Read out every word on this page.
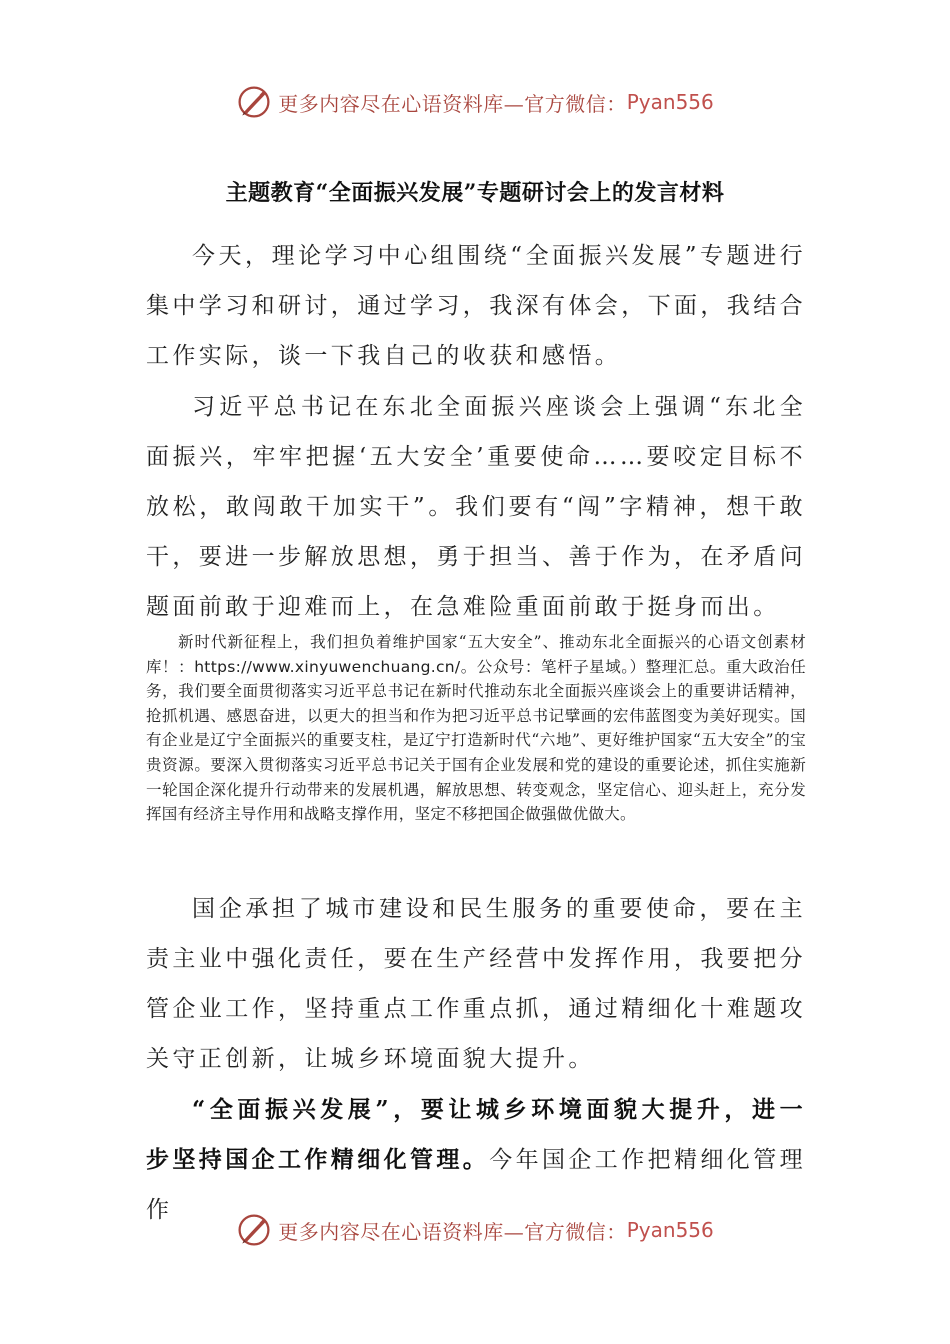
更多内容尽在心语资料库—官方微信： Pyan556
主题教育“全面振兴发展”专题研讨会上的发言材料

今天，理论学习中心组围绕“全面振兴发展”专题进行集中学习和研讨，通过学习，我深有体会，下面，我结合工作实际，谈一下我自己的收获和感悟。

习近平总书记在东北全面振兴座谈会上强调“东北全面振兴，牢牢把握‘五大安全’重要使命……要咬定目标不放松，敢闯敢干加实干”。我们要有“闯”字精神，想干敢干，要进一步解放思想，勇于担当、善于作为，在矛盾问题面前敢于迎难而上，在急难险重面前敢于挺身而出。

新时代新征程上，我们担负着维护国家“五大安全”、推动东北全面振兴的心语文创素材库！：https://www.xinyuwenchuang.cn/。公众号：笔杆子星域。）整理汇总。重大政治任务，我们要全面贯彻落实习近平总书记在新时代推动东北全面振兴座谈会上的重要讲话精神，抢抓机遇、感恩奋进，以更大的担当和作为把习近平总书记擘画的宏伟蓝图变为美好现实。国有企业是辽宁全面振兴的重要支柱，是辽宁打造新时代“六地”、更好维护国家“五大安全”的宝贵资源。要深入贯彻落实习近平总书记关于国有企业发展和党的建设的重要论述，抓住实施新一轮国企深化提升行动带来的发展机遇，解放思想、转变观念，坚定信心、迎头赶上，充分发挥国有经济主导作用和战略支撑作用，坚定不移把国企做强做优做大。

国企承担了城市建设和民生服务的重要使命，要在主责主业中强化责任，要在生产经营中发挥作用，我要把分管企业工作，坚持重点工作重点抓，通过精细化十难题攻关守正创新，让城乡环境面貌大提升。

“全面振兴发展”，要让城乡环境面貌大提升，进一步坚持国企工作精细化管理。今年国企工作把精细化管理作

更多内容尽在心语资料库—官方微信： Pyan556
